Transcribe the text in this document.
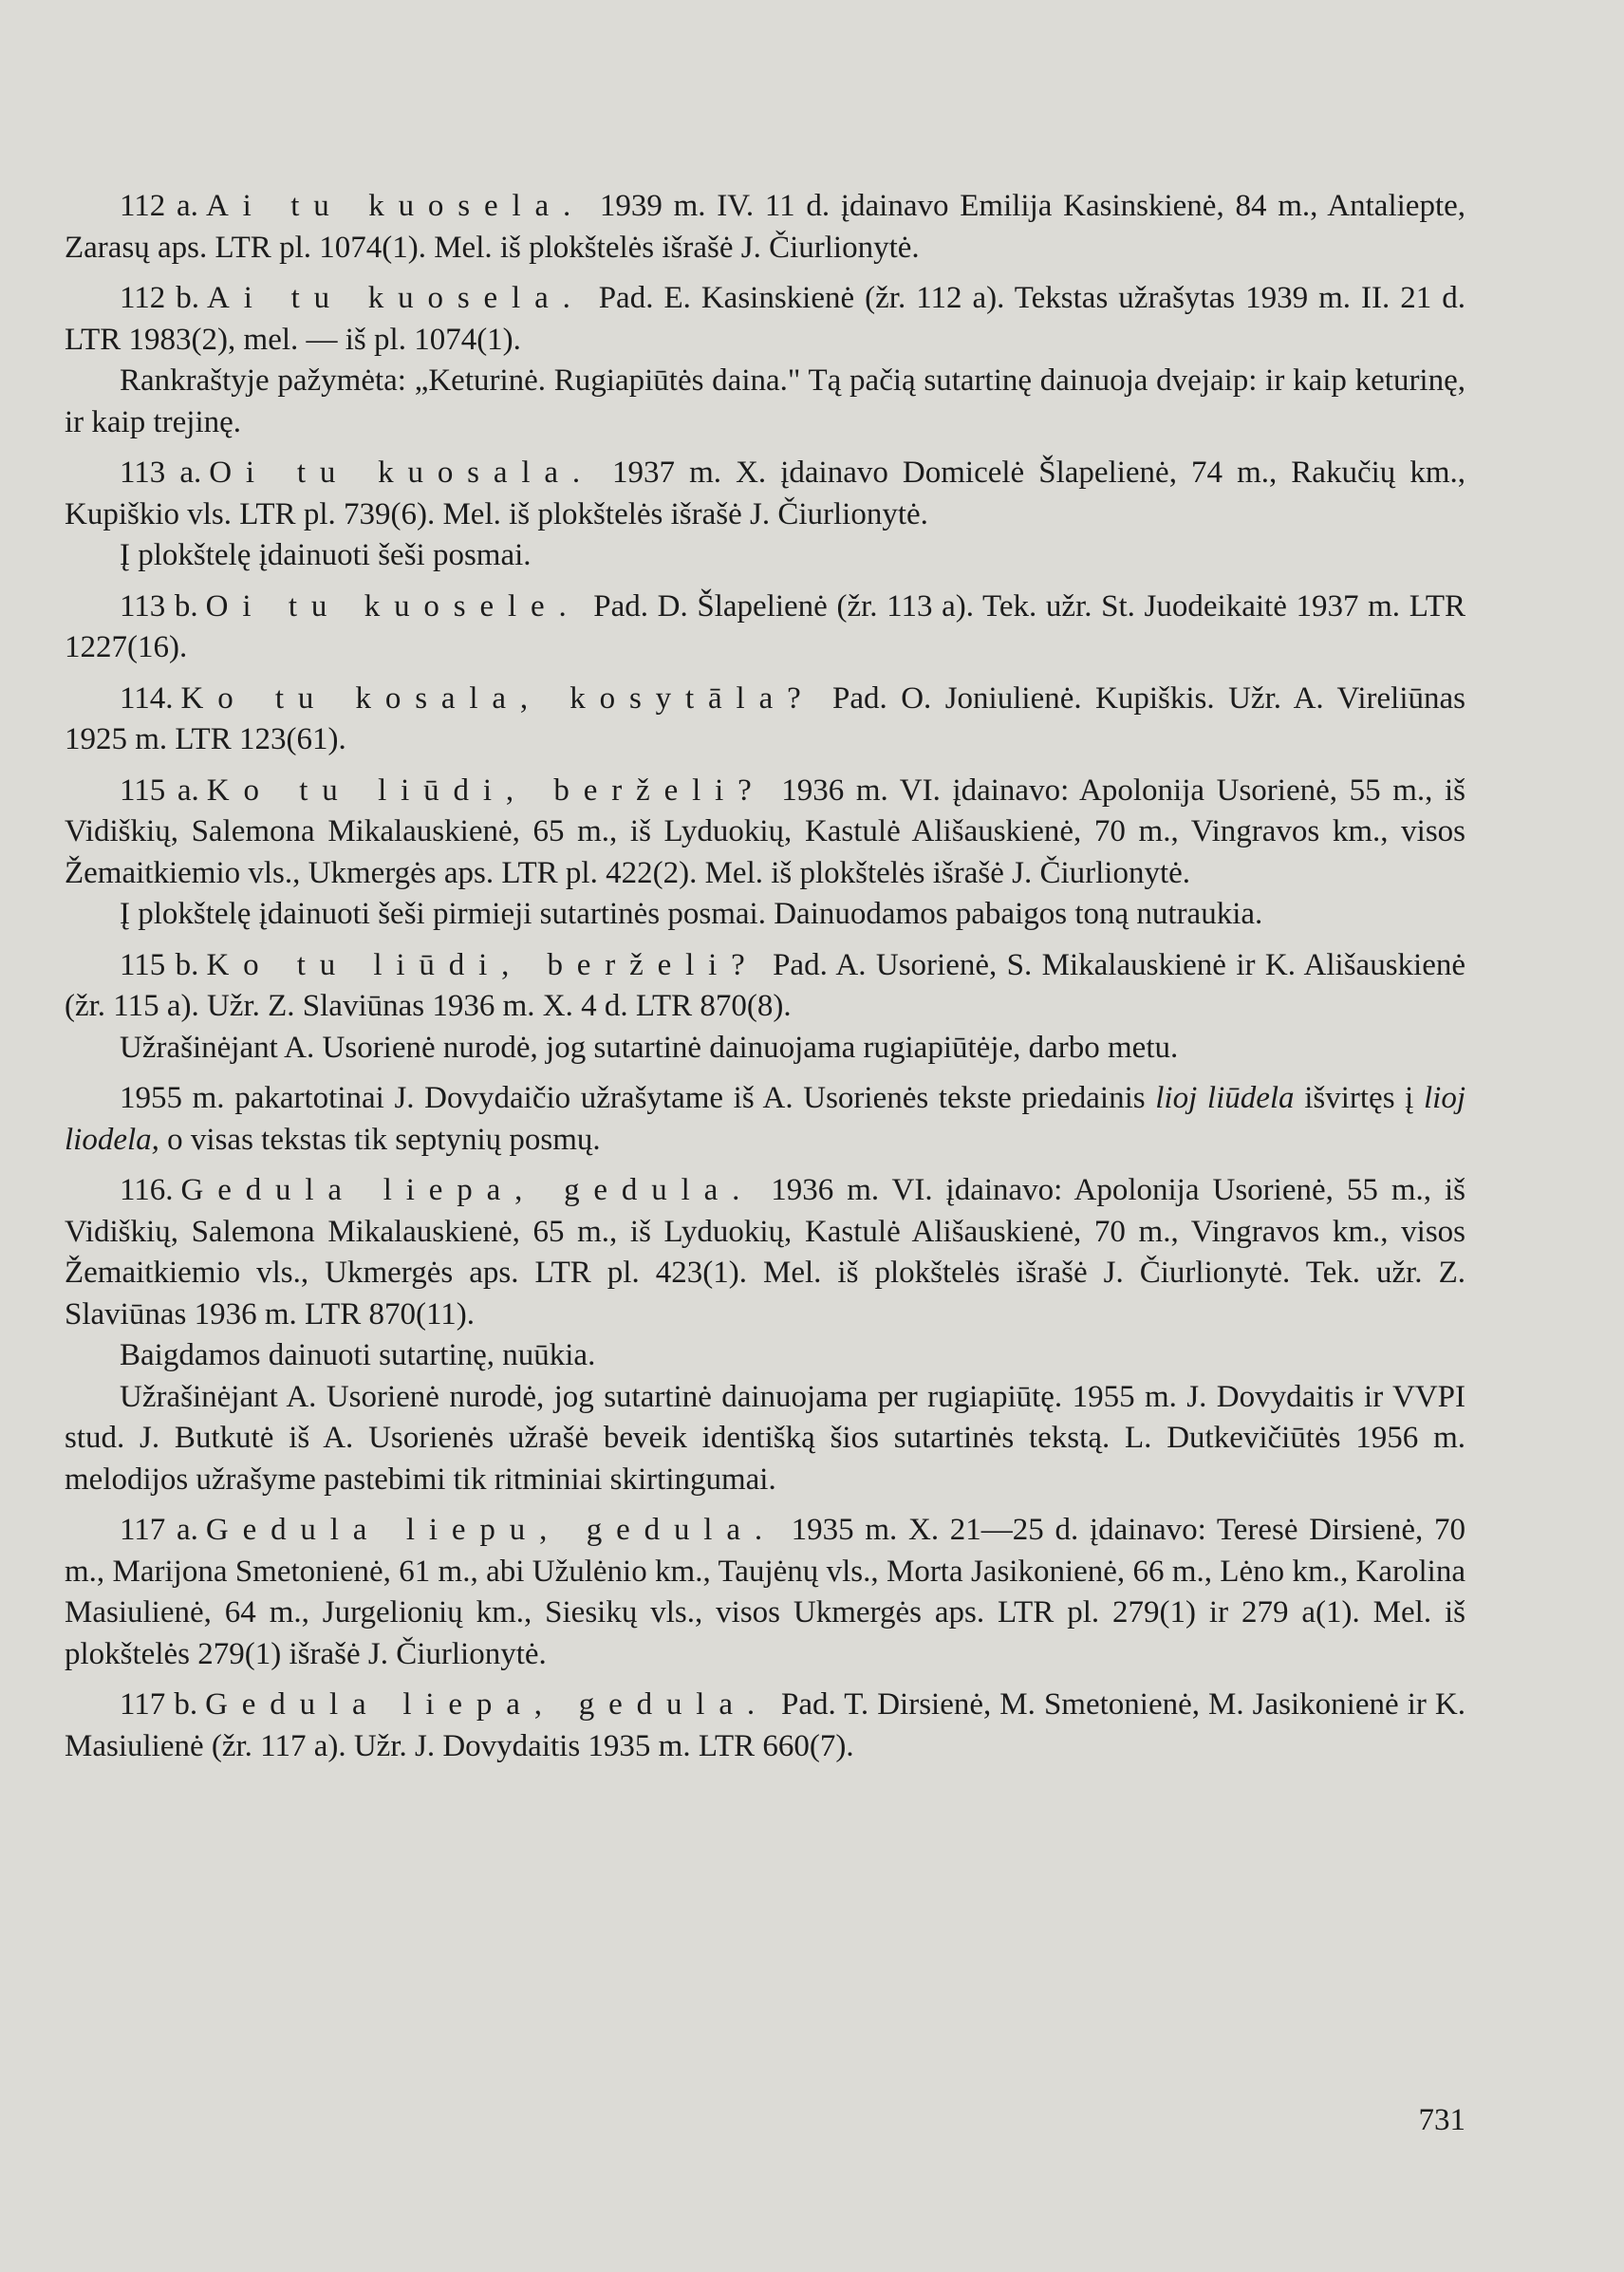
112 a. Ai tu kuosela. 1939 m. IV. 11 d. įdainavo Emilija Kasinskienė, 84 m., Antaliepte, Zarasų aps. LTR pl. 1074(1). Mel. iš plokštelės išrašė J. Čiurlionytė.

112 b. Ai tu kuosela. Pad. E. Kasinskienė (žr. 112 a). Tekstas užrašytas 1939 m. II. 21 d. LTR 1983(2), mel. — iš pl. 1074(1).

Rankraštyje pažymėta: „Keturinė. Rugiapiūtės daina." Tą pačią sutartinę dainuoja dvejaip: ir kaip keturinę, ir kaip trejinę.

113 a. Oi tu kuosala. 1937 m. X. įdainavo Domicelė Šlapelienė, 74 m., Rakučių km., Kupiškio vls. LTR pl. 739(6). Mel. iš plokštelės išrašė J. Čiurlionytė.

Į plokštelę įdainuoti šeši posmai.

113 b. Oi tu kuosele. Pad. D. Šlapelienė (žr. 113 a). Tek. užr. St. Juodeikaitė 1937 m. LTR 1227(16).

114. Ko tu kosala, kosytāla? Pad. O. Joniulienė. Kupiškis. Užr. A. Vireliūnas 1925 m. LTR 123(61).

115 a. Ko tu liūdi, berželi? 1936 m. VI. įdainavo: Apolonija Usorienė, 55 m., iš Vidiškių, Salemona Mikalauskienė, 65 m., iš Lyduokių, Kastulė Ališauskienė, 70 m., Vingravos km., visos Žemaitkiemio vls., Ukmergės aps. LTR pl. 422(2). Mel. iš plokštelės išrašė J. Čiurlionytė.

Į plokštelę įdainuoti šeši pirmieji sutartinės posmai. Dainuodamos pabaigos toną nutraukia.

115 b. Ko tu liūdi, berželi? Pad. A. Usorienė, S. Mikalauskienė ir K. Ališauskienė (žr. 115 a). Užr. Z. Slaviūnas 1936 m. X. 4 d. LTR 870(8).

Užrašinėjant A. Usorienė nurodė, jog sutartinė dainuojama rugiapiūtėje, darbo metu.

1955 m. pakartotinai J. Dovydaičio užrašytame iš A. Usorienės tekste priedainis lioj liūdela išvirtęs į lioj liodela, o visas tekstas tik septynių posmų.

116. Gedula liepa, gedula. 1936 m. VI. įdainavo: Apolonija Usorienė, 55 m., iš Vidiškių, Salemona Mikalauskienė, 65 m., iš Lyduokių, Kastulė Ališauskienė, 70 m., Vingravos km., visos Žemaitkiemio vls., Ukmergės aps. LTR pl. 423(1). Mel. iš plokštelės išrašė J. Čiurlionytė. Tek. užr. Z. Slaviūnas 1936 m. LTR 870(11).

Baigdamos dainuoti sutartinę, nuūkia.

Užrašinėjant A. Usorienė nurodė, jog sutartinė dainuojama per rugiapiūtę. 1955 m. J. Dovydaitis ir VVPI stud. J. Butkutė iš A. Usorienės užrašė beveik identišką šios sutartinės tekstą. L. Dutkevičiūtės 1956 m. melodijos užrašyme pastebimi tik ritminiai skirtingumai.

117 a. Gedula liepu, gedula. 1935 m. X. 21—25 d. įdainavo: Teresė Dirsienė, 70 m., Marijona Smetonienė, 61 m., abi Užulėnio km., Taujėnų vls., Morta Jasikonienė, 66 m., Lėno km., Karolina Masiulienė, 64 m., Jurgelionių km., Siesikų vls., visos Ukmergės aps. LTR pl. 279(1) ir 279 a(1). Mel. iš plokštelės 279(1) išrašė J. Čiurlionytė.

117 b. Gedula liepa, gedula. Pad. T. Dirsienė, M. Smetonienė, M. Jasikonienė ir K. Masiulienė (žr. 117 a). Užr. J. Dovydaitis 1935 m. LTR 660(7).

731
